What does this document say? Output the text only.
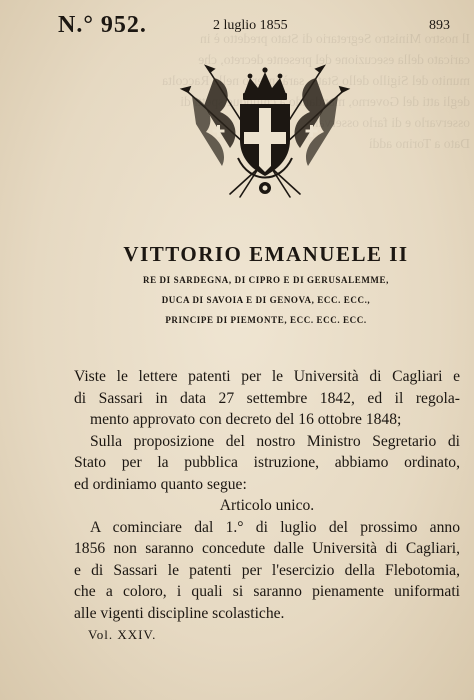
Il nostro Ministro Segretario di Stato predetto è in
caricato della esecuzione del presente decreto, che
munito del Sigillo dello Stato, sarà inserto nella Raccolta
degli atti del Governo, mandando a chiunque spetti di
osservarlo e di farlo osservare.
Dato a Torino addì
N.° 952.	2 luglio 1855	893
VITTORIO EMANUELE II
RE DI SARDEGNA, DI CIPRO E DI GERUSALEMME,
DUCA DI SAVOIA E DI GENOVA, ECC. ECC.,
PRINCIPE DI PIEMONTE, ECC. ECC. ECC.
Viste le lettere patenti per le Università di Cagliari e
di Sassari in data 27 settembre 1842, ed il regola-
mento approvato con decreto del 16 ottobre 1848;
Sulla proposizione del nostro Ministro Segretario di
Stato per la pubblica istruzione, abbiamo ordinato,
ed ordiniamo quanto segue:
Articolo unico.
A cominciare dal 1.° di luglio del prossimo anno
1856 non saranno concedute dalle Università di Cagliari,
e di Sassari le patenti per l'esercizio della Flebotomia,
che a coloro, i quali si saranno pienamente uniformati
alle vigenti discipline scolastiche.
Vol. XXIV.
